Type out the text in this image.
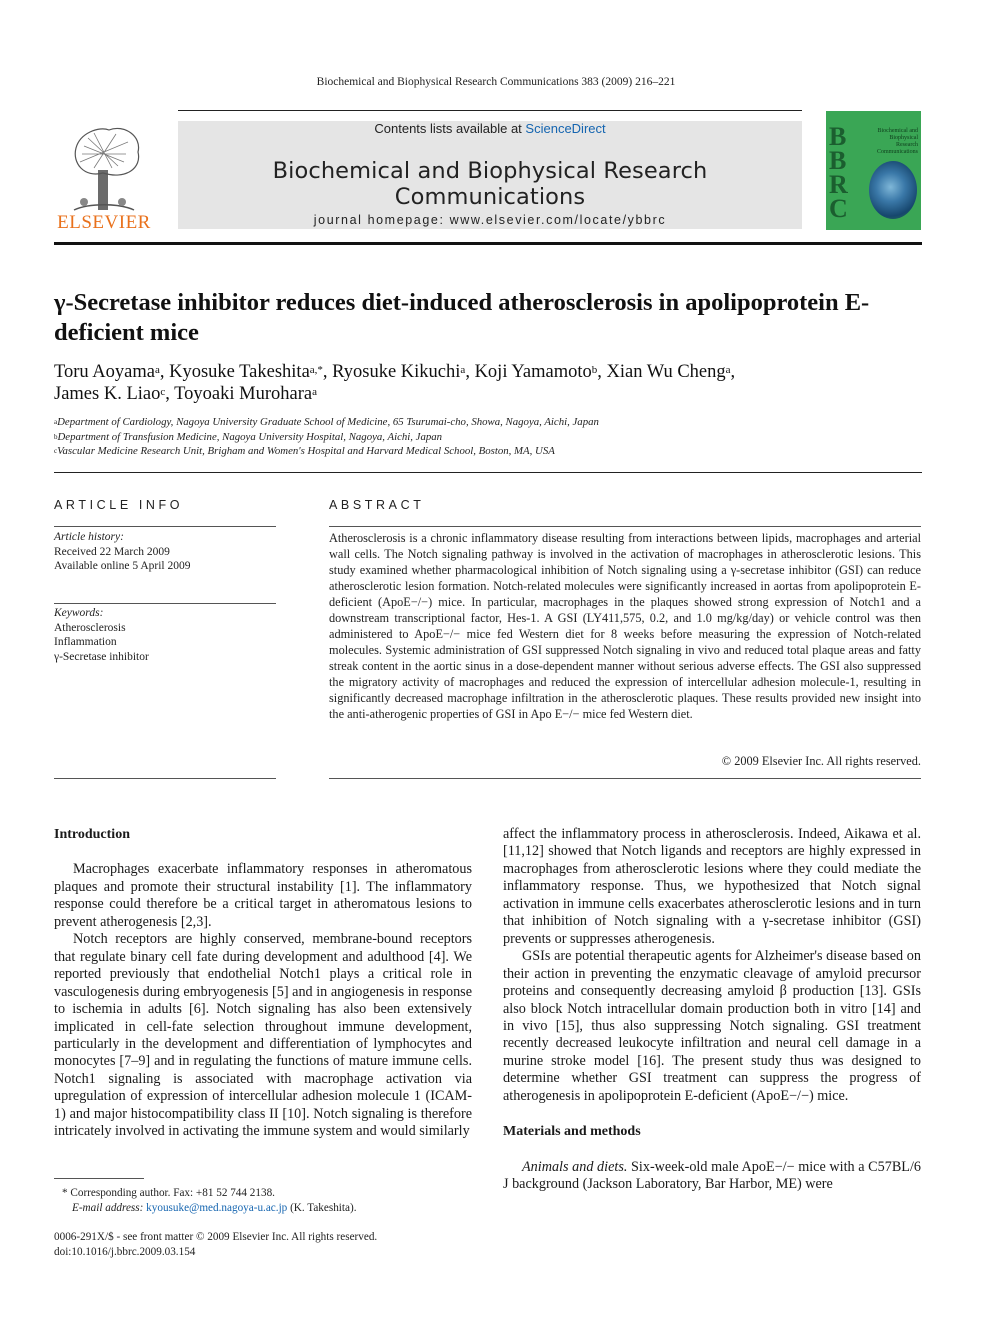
Biochemical and Biophysical Research Communications 383 (2009) 216–221
ELSEVIER
Contents lists available at ScienceDirect
Biochemical and Biophysical Research Communications
journal homepage: www.elsevier.com/locate/ybbrc
B
B
R
C
Biochemical and Biophysical Research Communications
γ-Secretase inhibitor reduces diet-induced atherosclerosis in apolipoprotein E-deficient mice
Toru Aoyama$^a$, Kyosuke Takeshita$^{a,*}$, Ryosuke Kikuchi$^a$, Koji Yamamoto$^b$, Xian Wu Cheng$^a$,
James K. Liao$^c$, Toyoaki Murohara$^a$
$^a$Department of Cardiology, Nagoya University Graduate School of Medicine, 65 Tsurumai-cho, Showa, Nagoya, Aichi, Japan
$^b$Department of Transfusion Medicine, Nagoya University Hospital, Nagoya, Aichi, Japan
$^c$Vascular Medicine Research Unit, Brigham and Women's Hospital and Harvard Medical School, Boston, MA, USA
ARTICLE INFO
Article history:
Received 22 March 2009
Available online 5 April 2009
Keywords:
Atherosclerosis
Inflammation
γ-Secretase inhibitor
ABSTRACT
Atherosclerosis is a chronic inflammatory disease resulting from interactions between lipids, macrophages and arterial wall cells. The Notch signaling pathway is involved in the activation of macrophages in atherosclerotic lesions. This study examined whether pharmacological inhibition of Notch signaling using a γ-secretase inhibitor (GSI) can reduce atherosclerotic lesion formation. Notch-related molecules were significantly increased in aortas from apolipoprotein E-deficient (ApoE−/−) mice. In particular, macrophages in the plaques showed strong expression of Notch1 and a downstream transcriptional factor, Hes-1. A GSI (LY411,575, 0.2, and 1.0 mg/kg/day) or vehicle control was then administered to ApoE−/− mice fed Western diet for 8 weeks before measuring the expression of Notch-related molecules. Systemic administration of GSI suppressed Notch signaling in vivo and reduced total plaque areas and fatty streak content in the aortic sinus in a dose-dependent manner without serious adverse effects. The GSI also suppressed the migratory activity of macrophages and reduced the expression of intercellular adhesion molecule-1, resulting in significantly decreased macrophage infiltration in the atherosclerotic plaques. These results provided new insight into the anti-atherogenic properties of GSI in Apo E−/− mice fed Western diet.
© 2009 Elsevier Inc. All rights reserved.
Introduction

Macrophages exacerbate inflammatory responses in atheromatous plaques and promote their structural instability [1]. The inflammatory response could therefore be a critical target in atheromatous lesions to prevent atherogenesis [2,3].

Notch receptors are highly conserved, membrane-bound receptors that regulate binary cell fate during development and adulthood [4]. We reported previously that endothelial Notch1 plays a critical role in vasculogenesis during embryogenesis [5] and in angiogenesis in response to ischemia in adults [6]. Notch signaling has also been extensively implicated in cell-fate selection throughout immune development, particularly in the development and differentiation of lymphocytes and monocytes [7–9] and in regulating the functions of mature immune cells. Notch1 signaling is associated with macrophage activation via upregulation of expression of intercellular adhesion molecule 1 (ICAM-1) and major histocompatibility class II [10]. Notch signaling is therefore intricately involved in activating the immune system and would similarly

affect the inflammatory process in atherosclerosis. Indeed, Aikawa et al. [11,12] showed that Notch ligands and receptors are highly expressed in macrophages from atherosclerotic lesions where they could mediate the inflammatory response. Thus, we hypothesized that Notch signal activation in immune cells exacerbates atherosclerotic lesions and in turn that inhibition of Notch signaling with a γ-secretase inhibitor (GSI) prevents or suppresses atherogenesis.

GSIs are potential therapeutic agents for Alzheimer's disease based on their action in preventing the enzymatic cleavage of amyloid precursor proteins and consequently decreasing amyloid β production [13]. GSIs also block Notch intracellular domain production both in vitro [14] and in vivo [15], thus also suppressing Notch signaling. GSI treatment recently decreased leukocyte infiltration and neural cell damage in a murine stroke model [16]. The present study thus was designed to determine whether GSI treatment can suppress the progress of atherogenesis in apolipoprotein E-deficient (ApoE−/−) mice.

Materials and methods

Animals and diets. Six-week-old male ApoE−/− mice with a C57BL/6 J background (Jackson Laboratory, Bar Harbor, ME) were

* Corresponding author. Fax: +81 52 744 2138.
E-mail address: kyousuke@med.nagoya-u.ac.jp (K. Takeshita).
0006-291X/$ - see front matter © 2009 Elsevier Inc. All rights reserved.
doi:10.1016/j.bbrc.2009.03.154
